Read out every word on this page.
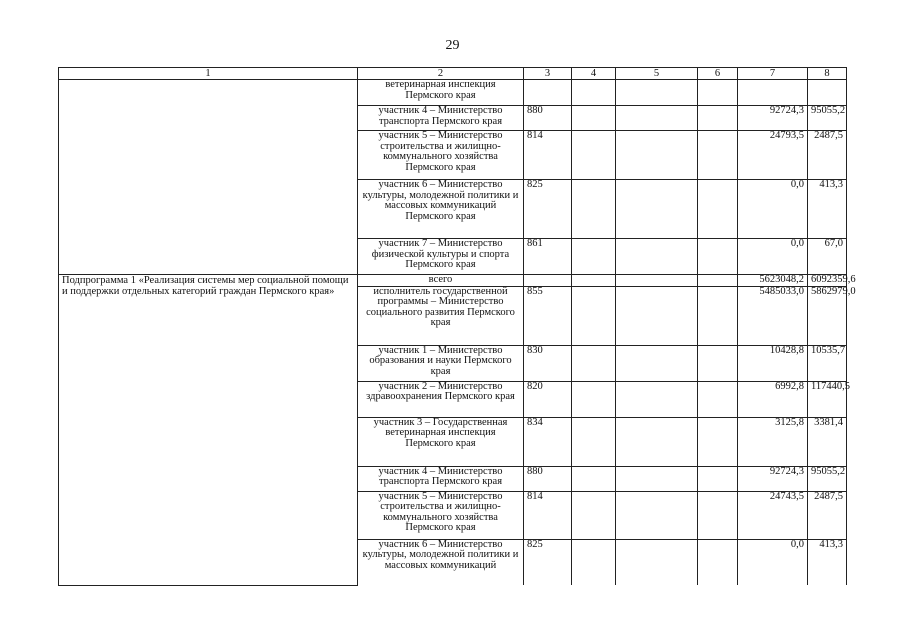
29
1	2	3	4	5	6	7	8
	ветеринарная инспекция Пермского края						
	участник 4 – Министерство транспорта Пермского края	880				92724,3	95055,2
	участник 5 – Министерство строительства и жилищно-коммунального хозяйства Пермского края	814				24793,5	2487,5
	участник 6 – Министерство культуры, молодежной политики и массовых коммуникаций Пермского края	825				0,0	413,3
	участник 7 – Министерство физической культуры и спорта Пермского края	861				0,0	67,0
Подпрограмма 1 «Реализация системы мер социальной помощи и поддержки отдельных категорий граждан Пермского края»	всего					5623048,2	6092359,6
	исполнитель государственной программы – Министерство социального развития Пермского края	855				5485033,0	5862979,0
	участник 1 – Министерство образования и науки Пермского края	830				10428,8	10535,7
	участник 2 – Министерство здравоохранения Пермского края	820				6992,8	117440,5
	участник 3 – Государственная ветеринарная инспекция Пермского края	834				3125,8	3381,4
	участник 4 – Министерство транспорта Пермского края	880				92724,3	95055,2
	участник 5 – Министерство строительства и жилищно-коммунального хозяйства Пермского края	814				24743,5	2487,5
	участник 6 – Министерство культуры, молодежной политики и массовых коммуникаций	825				0,0	413,3
